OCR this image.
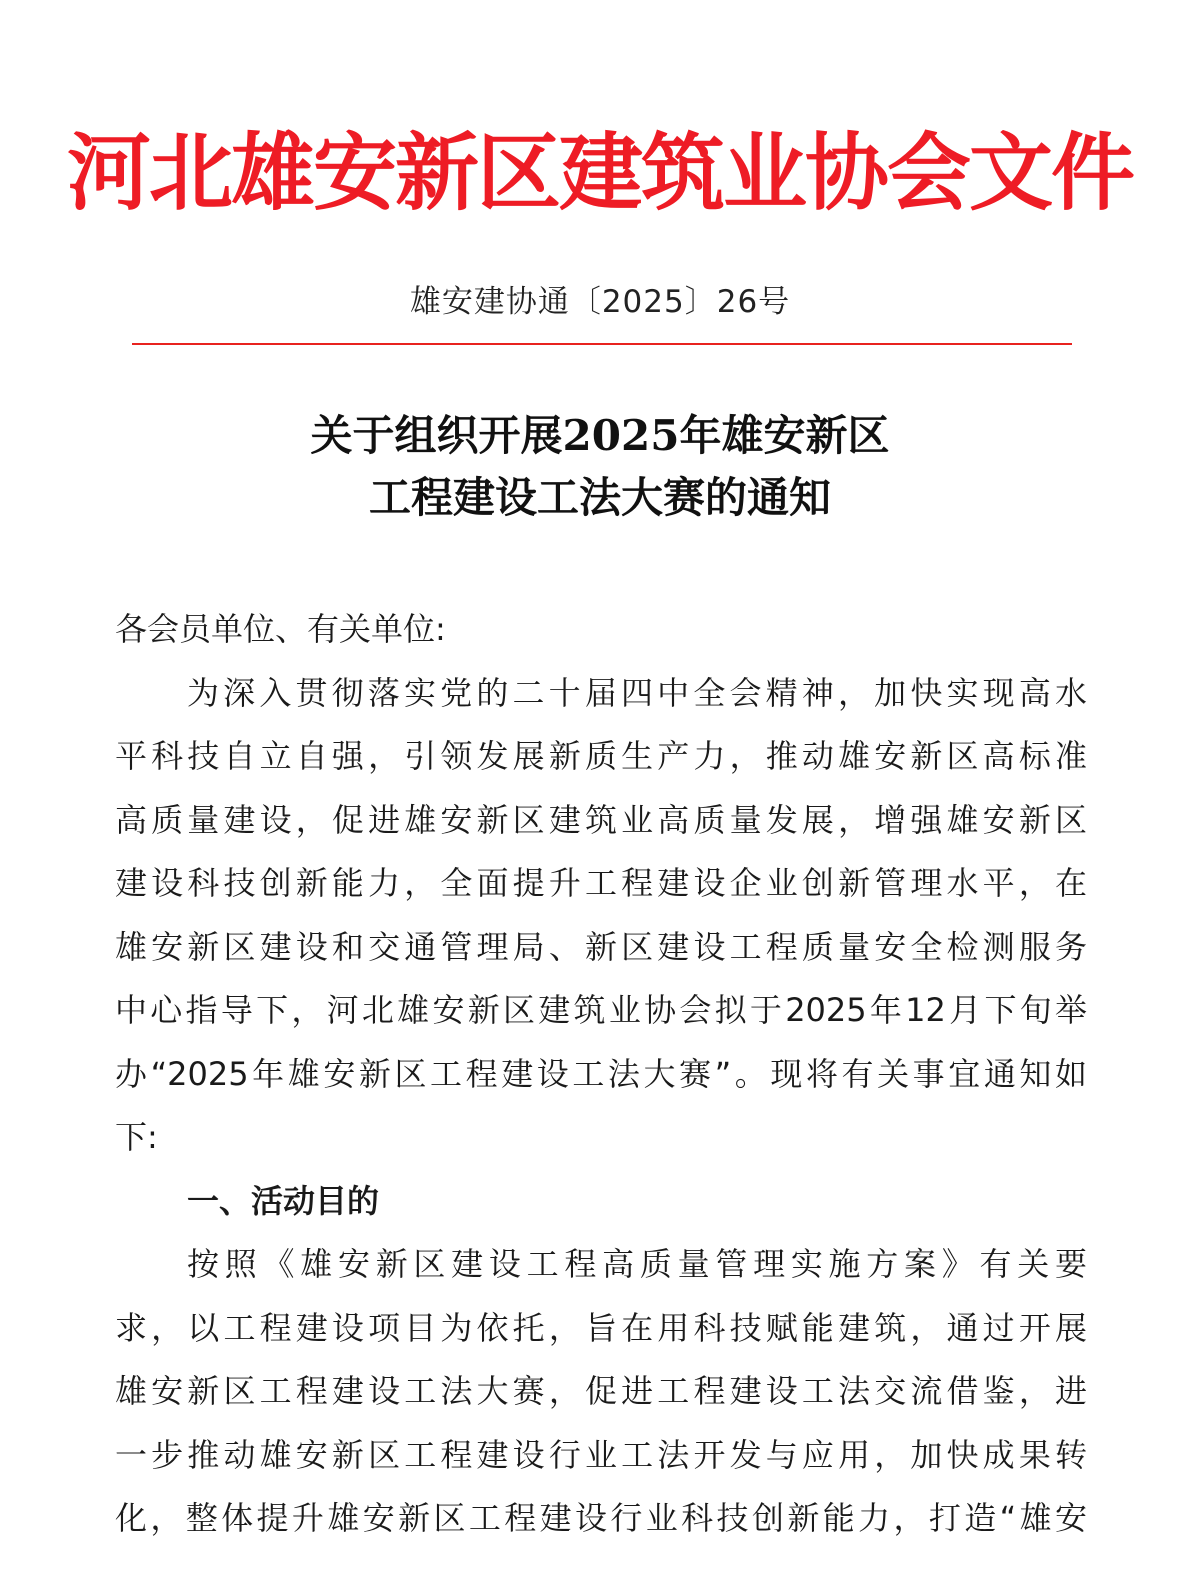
河北雄安新区建筑业协会文件
雄安建协通〔2025〕26号
关于组织开展2025年雄安新区
工程建设工法大赛的通知
各会员单位、有关单位:
为深入贯彻落实党的二十届四中全会精神，加快实现高水
平科技自立自强，引领发展新质生产力，推动雄安新区高标准
高质量建设，促进雄安新区建筑业高质量发展，增强雄安新区
建设科技创新能力，全面提升工程建设企业创新管理水平，在
雄安新区建设和交通管理局、新区建设工程质量安全检测服务
中心指导下，河北雄安新区建筑业协会拟于2025年12月下旬举
办“2025年雄安新区工程建设工法大赛”。现将有关事宜通知如
下:
一、活动目的
按照《雄安新区建设工程高质量管理实施方案》有关要
求，以工程建设项目为依托，旨在用科技赋能建筑，通过开展
雄安新区工程建设工法大赛，促进工程建设工法交流借鉴，进
一步推动雄安新区工程建设行业工法开发与应用，加快成果转
化，整体提升雄安新区工程建设行业科技创新能力，打造“雄安
